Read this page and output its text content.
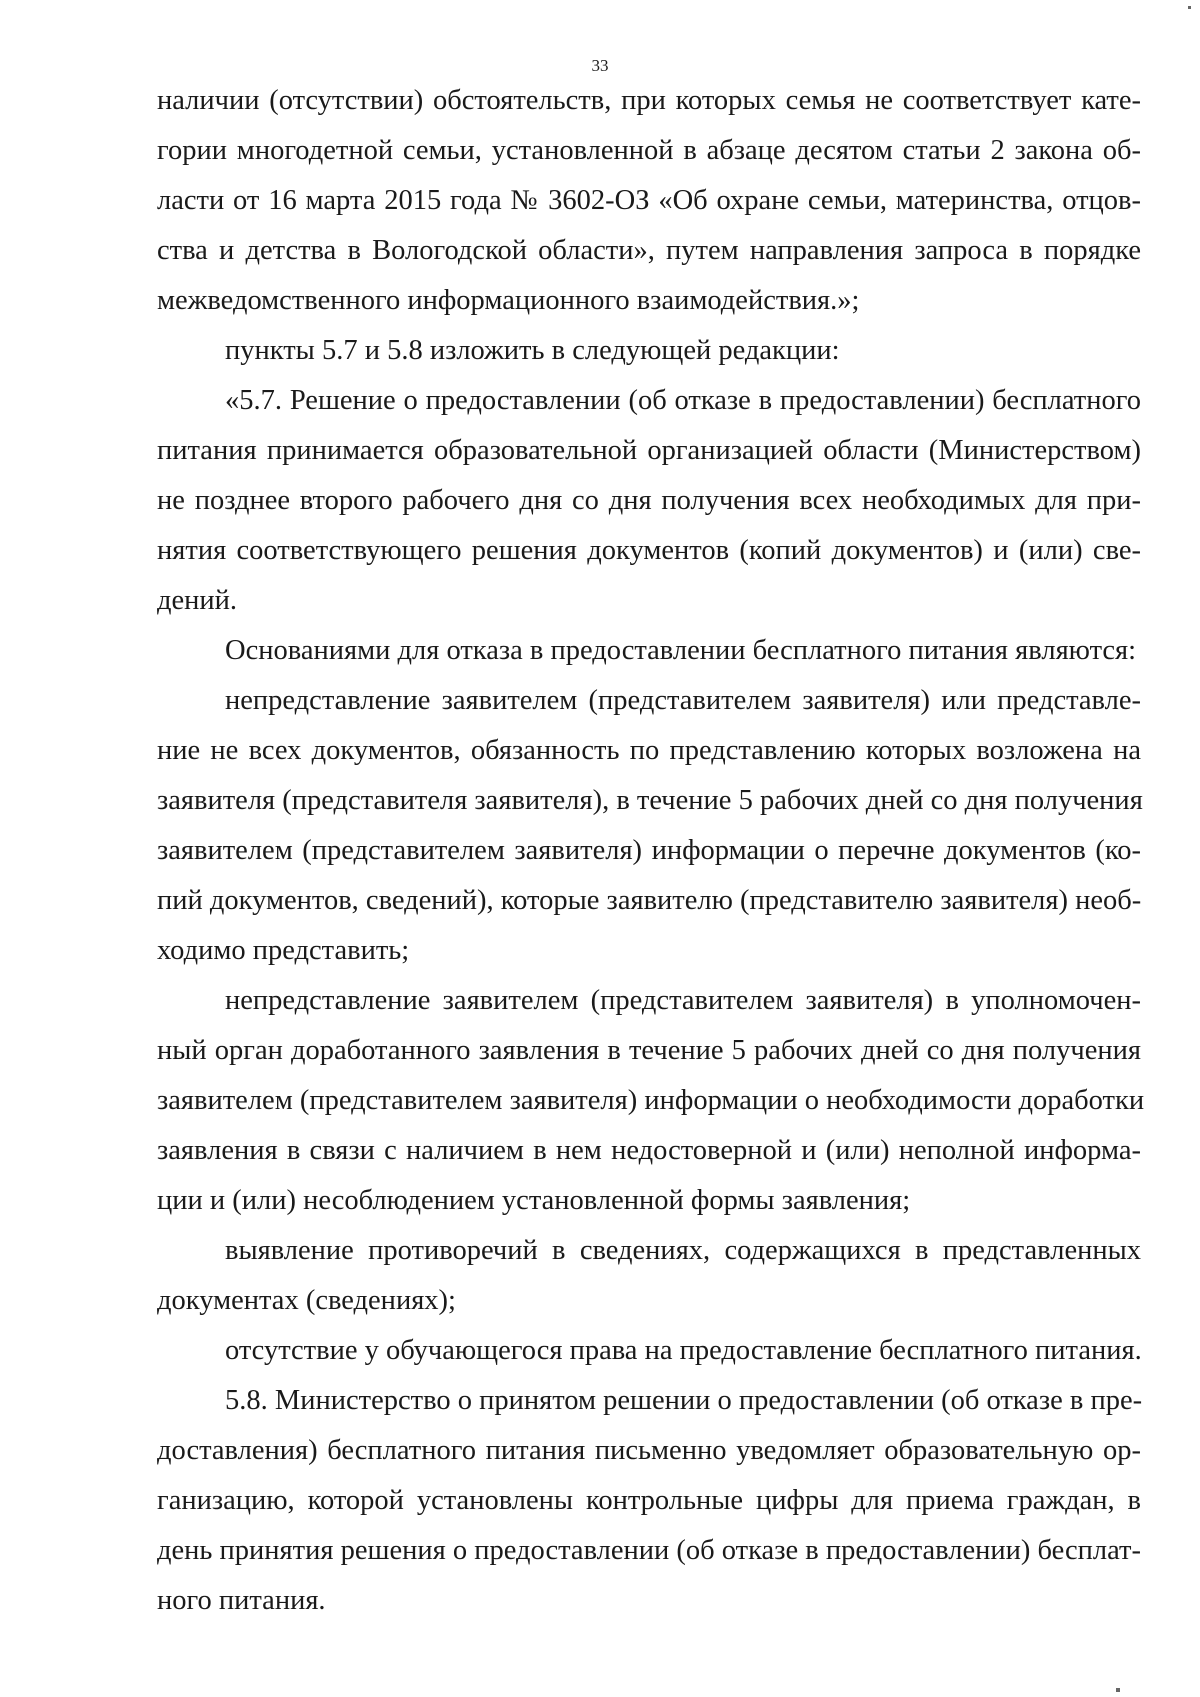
33
наличии (отсутствии) обстоятельств, при которых семья не соответствует кате-
гории многодетной семьи, установленной в абзаце десятом статьи 2 закона об-
ласти от 16 марта 2015 года № 3602-ОЗ «Об охране семьи, материнства, отцов-
ства и детства в Вологодской области», путем направления запроса в порядке
межведомственного информационного взаимодействия.»;
пункты 5.7 и 5.8 изложить в следующей редакции:
«5.7. Решение о предоставлении (об отказе в предоставлении) бесплатного
питания принимается образовательной организацией области (Министерством)
не позднее второго рабочего дня со дня получения всех необходимых для при-
нятия соответствующего решения документов (копий документов) и (или) све-
дений.
Основаниями для отказа в предоставлении бесплатного питания являются:
непредставление заявителем (представителем заявителя) или представле-
ние не всех документов, обязанность по представлению которых возложена на
заявителя (представителя заявителя), в течение 5 рабочих дней со дня получения
заявителем (представителем заявителя) информации о перечне документов (ко-
пий документов, сведений), которые заявителю (представителю заявителя) необ-
ходимо представить;
непредставление заявителем (представителем заявителя) в уполномочен-
ный орган доработанного заявления в течение 5 рабочих дней со дня получения
заявителем (представителем заявителя) информации о необходимости доработки
заявления в связи с наличием в нем недостоверной и (или) неполной информа-
ции и (или) несоблюдением установленной формы заявления;
выявление противоречий в сведениях, содержащихся в представленных
документах (сведениях);
отсутствие у обучающегося права на предоставление бесплатного питания.
5.8. Министерство о принятом решении о предоставлении (об отказе в пре-
доставления) бесплатного питания письменно уведомляет образовательную ор-
ганизацию, которой установлены контрольные цифры для приема граждан, в
день принятия решения о предоставлении (об отказе в предоставлении) бесплат-
ного питания.
